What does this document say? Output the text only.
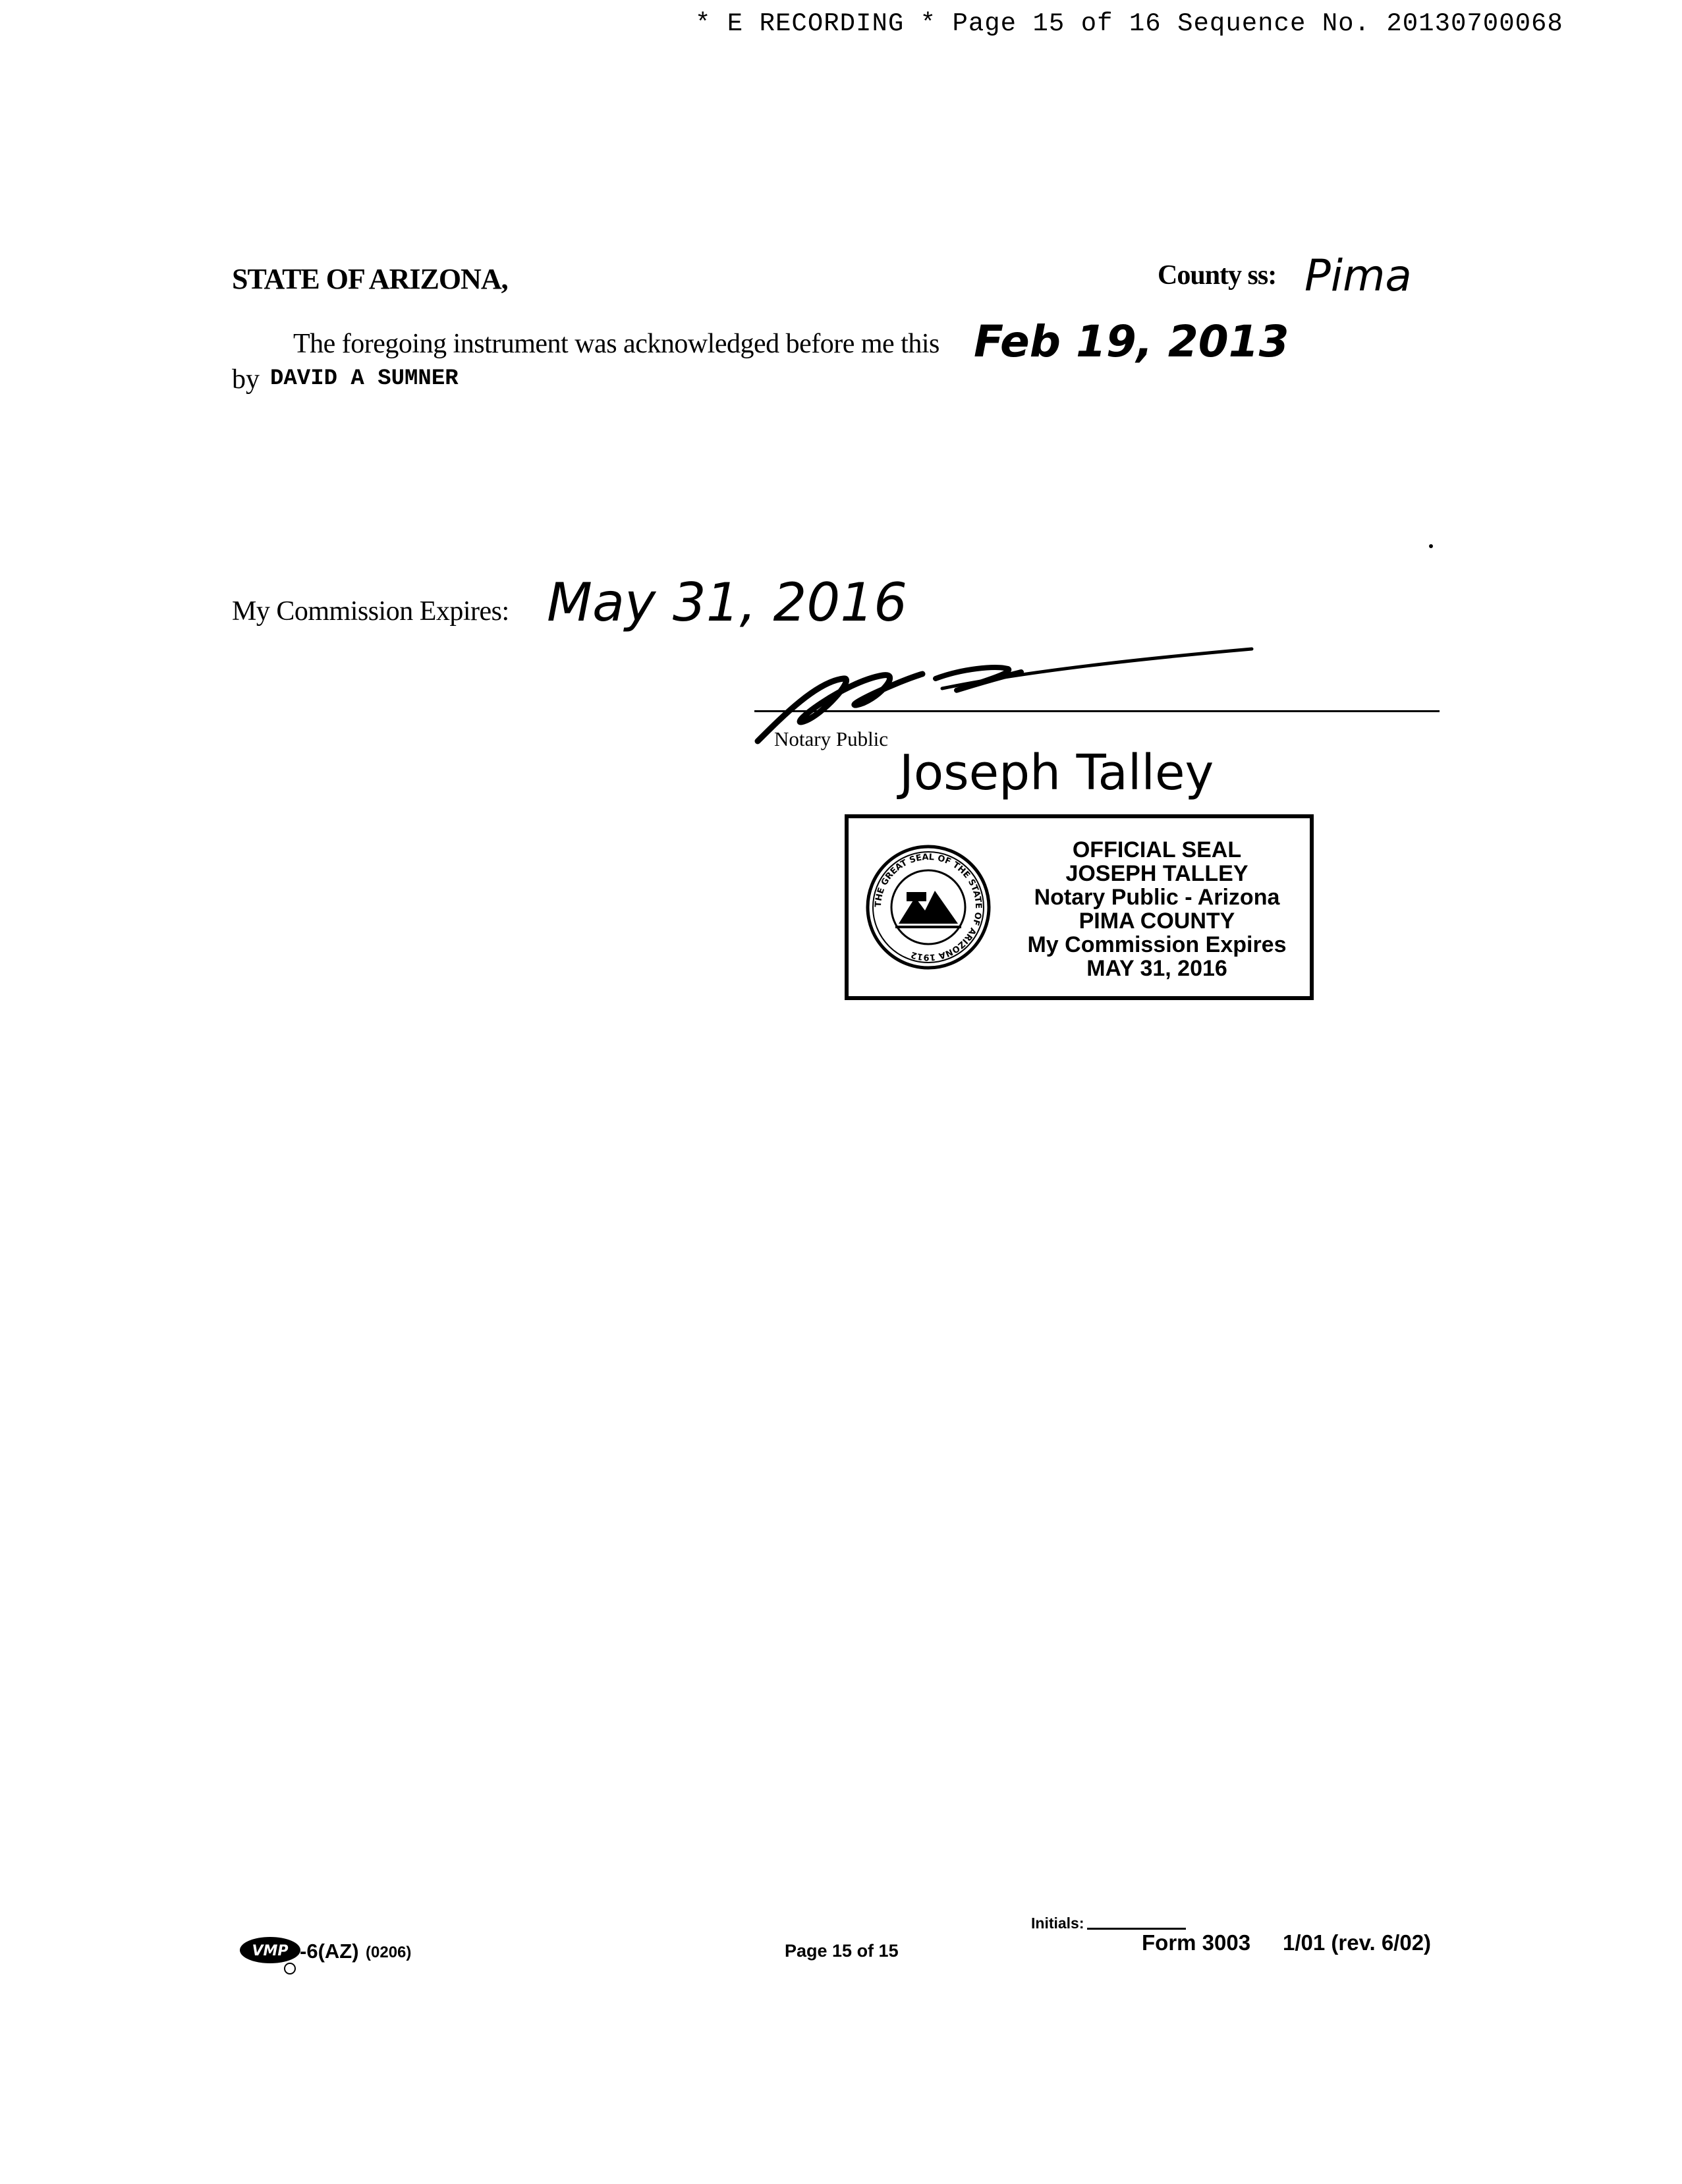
* E RECORDING * Page 15 of 16 Sequence No. 20130700068
STATE OF ARIZONA,	County ss: Pima
The foregoing instrument was acknowledged before me this Feb 19, 2013
by DAVID A SUMNER
My Commission Expires: May 31, 2016
Notary Public
Joseph Talley
THE GREAT SEAL OF THE STATE OF ARIZONA 1912
OFFICIAL SEAL
JOSEPH TALLEY
Notary Public - Arizona
PIMA COUNTY
My Commission Expires
MAY 31, 2016
VMP -6(AZ) (0206)	Page 15 of 15
Initials:
Form 3003 1/01 (rev. 6/02)
